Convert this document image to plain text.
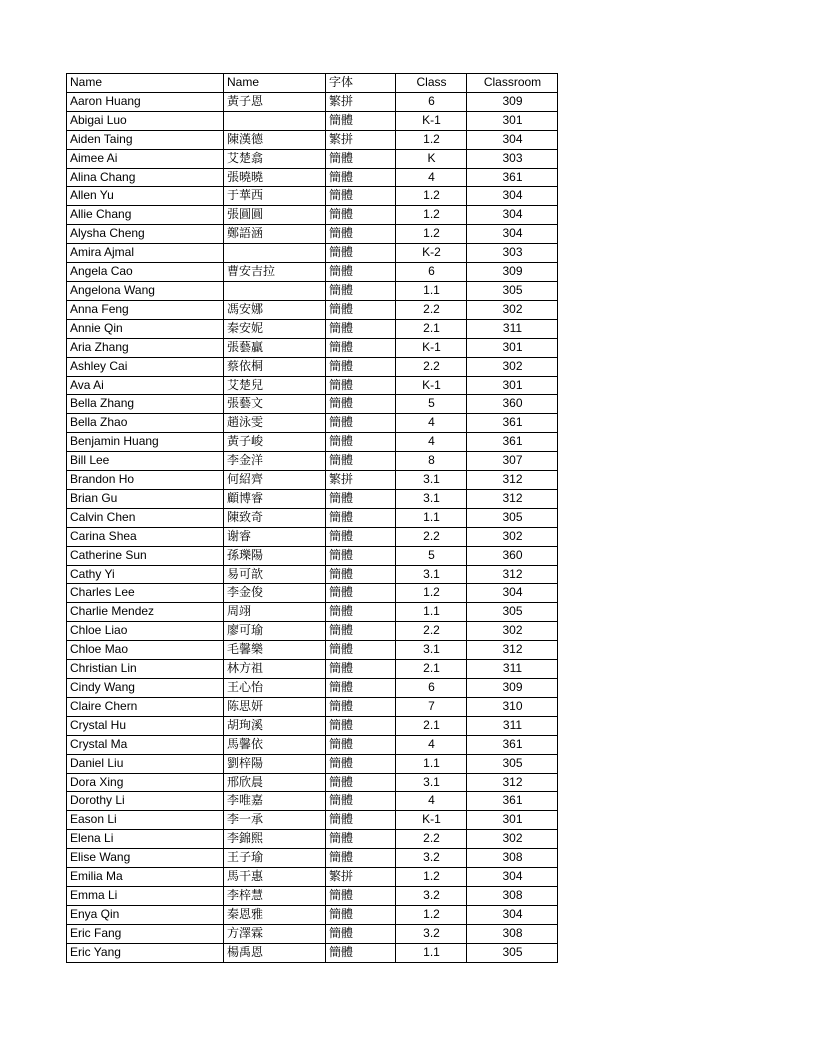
Name	Name	字体	Class	Classroom
Aaron Huang	黃子恩	繁拼	6	309
Abigai Luo		簡體	K-1	301
Aiden Taing	陳漢德	繁拼	1.2	304
Aimee Ai	艾楚翕	簡體	K	303
Alina Chang	張曉曉	簡體	4	361
Allen Yu	于華西	簡體	1.2	304
Allie Chang	張圓圓	簡體	1.2	304
Alysha Cheng	鄭語涵	簡體	1.2	304
Amira Ajmal		簡體	K-2	303
Angela Cao	曹安吉拉	簡體	6	309
Angelona Wang		簡體	1.1	305
Anna Feng	馮安娜	簡體	2.2	302
Annie Qin	秦安妮	簡體	2.1	311
Aria Zhang	張藝贏	簡體	K-1	301
Ashley Cai	蔡依桐	簡體	2.2	302
Ava Ai	艾楚兒	簡體	K-1	301
Bella Zhang	張藝文	簡體	5	360
Bella Zhao	趙泳雯	簡體	4	361
Benjamin Huang	黃子峻	簡體	4	361
Bill Lee	李金洋	簡體	8	307
Brandon Ho	何紹齊	繁拼	3.1	312
Brian Gu	顧博睿	簡體	3.1	312
Calvin Chen	陳致奇	簡體	1.1	305
Carina Shea	谢睿	簡體	2.2	302
Catherine Sun	孫瓅陽	簡體	5	360
Cathy Yi	易可歆	簡體	3.1	312
Charles Lee	李金俊	簡體	1.2	304
Charlie Mendez	周翊	簡體	1.1	305
Chloe Liao	廖可瑜	簡體	2.2	302
Chloe Mao	毛馨樂	簡體	3.1	312
Christian Lin	林方祖	簡體	2.1	311
Cindy Wang	王心怡	簡體	6	309
Claire Chern	陈思妍	簡體	7	310
Crystal Hu	胡珣溪	簡體	2.1	311
Crystal Ma	馬馨依	簡體	4	361
Daniel Liu	劉梓陽	簡體	1.1	305
Dora Xing	邢欣晨	簡體	3.1	312
Dorothy Li	李唯嘉	簡體	4	361
Eason Li	李一承	簡體	K-1	301
Elena Li	李錦熙	簡體	2.2	302
Elise Wang	王子瑜	簡體	3.2	308
Emilia Ma	馬干惠	繁拼	1.2	304
Emma Li	李梓慧	簡體	3.2	308
Enya Qin	秦恩雅	簡體	1.2	304
Eric Fang	方澤霖	簡體	3.2	308
Eric Yang	楊禹恩	簡體	1.1	305
